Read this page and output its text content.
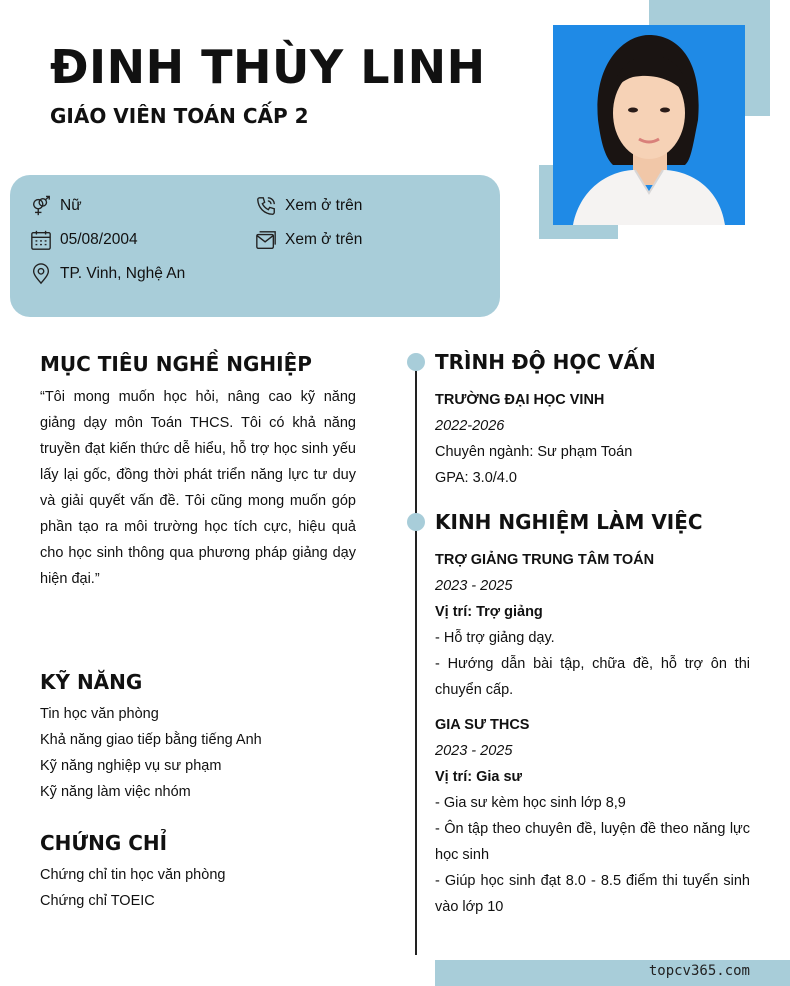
ĐINH THÙY LINH
GIÁO VIÊN TOÁN CẤP 2
Nữ
05/08/2004
TP. Vinh, Nghệ An
Xem ở trên
Xem ở trên
MỤC TIÊU NGHỀ NGHIỆP

“Tôi mong muốn học hỏi, nâng cao kỹ năng giảng dạy môn Toán THCS. Tôi có khả năng truyền đạt kiến thức dễ hiểu, hỗ trợ học sinh yếu lấy lại gốc, đồng thời phát triển năng lực tư duy và giải quyết vấn đề. Tôi cũng mong muốn góp phần tạo ra môi trường học tích cực, hiệu quả cho học sinh thông qua phương pháp giảng dạy hiện đại.”

KỸ NĂNG
Tin học văn phòng
Khả năng giao tiếp bằng tiếng Anh
Kỹ năng nghiệp vụ sư phạm
Kỹ năng làm việc nhóm
CHỨNG CHỈ
Chứng chỉ tin học văn phòng
Chứng chỉ TOEIC
TRÌNH ĐỘ HỌC VẤN
TRƯỜNG ĐẠI HỌC VINH
2022-2026
Chuyên ngành: Sư phạm Toán
GPA: 3.0/4.0
KINH NGHIỆM LÀM VIỆC
TRỢ GIẢNG TRUNG TÂM TOÁN
2023 - 2025
Vị trí: Trợ giảng
- Hỗ trợ giảng dạy.
- Hướng dẫn bài tập, chữa đề, hỗ trợ ôn thi chuyển cấp.
GIA SƯ THCS
2023 - 2025
Vị trí: Gia sư
- Gia sư kèm học sinh lớp 8,9
- Ôn tập theo chuyên đề, luyện đề theo năng lực học sinh
- Giúp học sinh đạt 8.0 - 8.5 điểm thi tuyển sinh vào lớp 10
topcv365.com
